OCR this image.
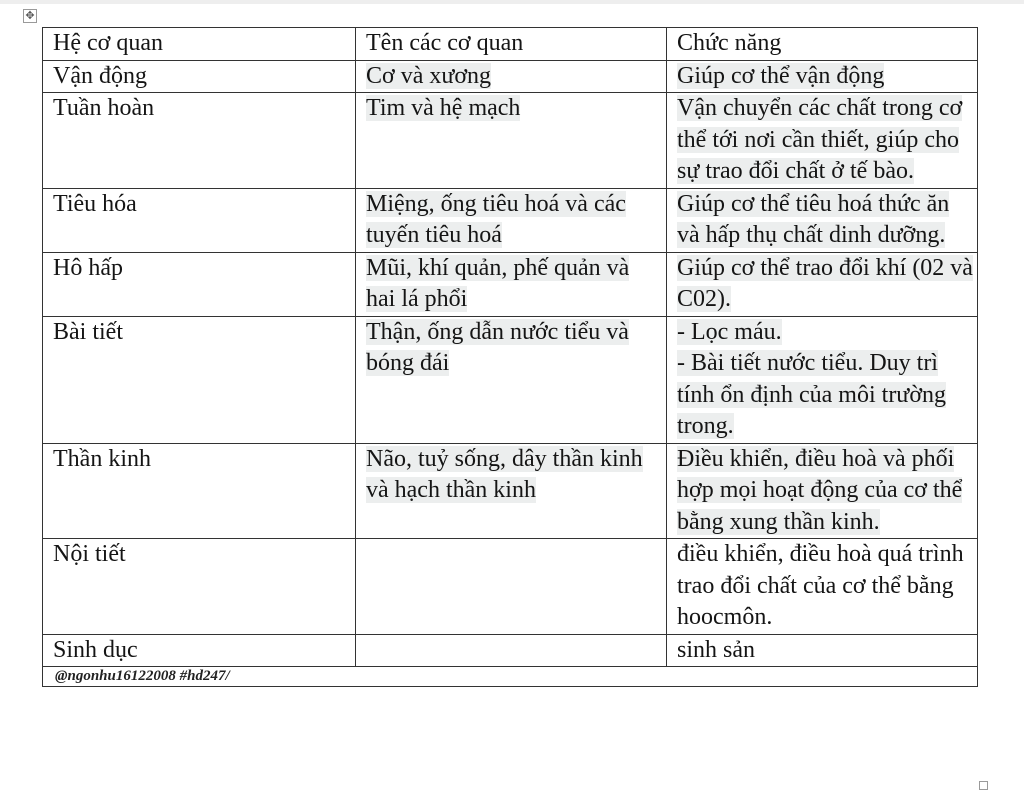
✥
Hệ cơ quan	Tên các cơ quan	Chức năng
Vận động	Cơ và xương	Giúp cơ thể vận động
Tuần hoàn	Tim và hệ mạch	Vận chuyển các chất trong cơ thể tới nơi cần thiết, giúp cho sự trao đổi chất ở tế bào.
Tiêu hóa	Miệng, ống tiêu hoá và các tuyến tiêu hoá	Giúp cơ thể tiêu hoá thức ăn và hấp thụ chất dinh dưỡng.
Hô hấp	Mũi, khí quản, phế quản và hai lá phổi	Giúp cơ thể trao đổi khí (02 và C02).
Bài tiết	Thận, ống dẫn nước tiểu và bóng đái	- Lọc máu.
- Bài tiết nước tiểu. Duy trì tính ổn định của môi trường trong.

Thần kinh	Não, tuỷ sống, dây thần kinh và hạch thần kinh	Điều khiển, điều hoà và phối hợp mọi hoạt động của cơ thể bằng xung thần kinh.
Nội tiết		điều khiển, điều hoà quá trình trao đổi chất của cơ thể bằng hoocmôn.
Sinh dục		sinh sản
@ngonhu16122008 #hd247/		
